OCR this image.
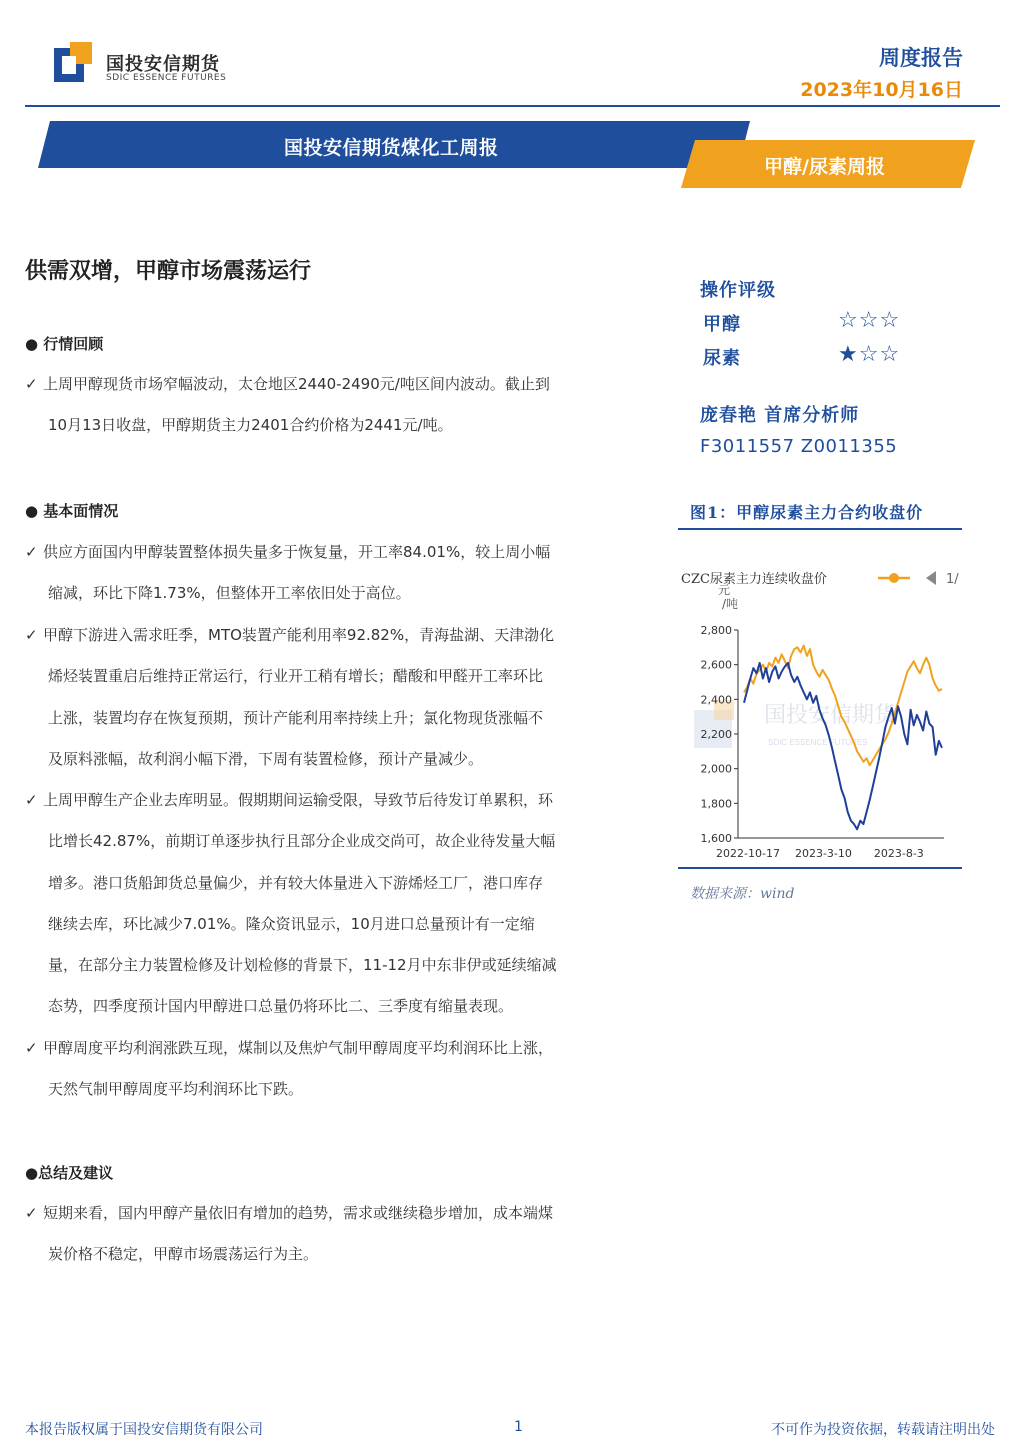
国投安信期货
SDIC ESSENCE FUTURES
周度报告
2023年10月16日
国投安信期货煤化工周报
甲醇/尿素周报
供需双增，甲醇市场震荡运行
● 行情回顾
✓ 上周甲醇现货市场窄幅波动，太仓地区2440-2490元/吨区间内波动。截止到
10月13日收盘，甲醇期货主力2401合约价格为2441元/吨。
● 基本面情况
✓ 供应方面国内甲醇装置整体损失量多于恢复量，开工率84.01%，较上周小幅
缩减，环比下降1.73%，但整体开工率依旧处于高位。
✓ 甲醇下游进入需求旺季，MTO装置产能利用率92.82%，青海盐湖、天津渤化
烯烃装置重启后维持正常运行，行业开工稍有增长；醋酸和甲醛开工率环比
上涨，装置均存在恢复预期，预计产能利用率持续上升；氯化物现货涨幅不
及原料涨幅，故利润小幅下滑，下周有装置检修，预计产量减少。
✓ 上周甲醇生产企业去库明显。假期期间运输受限，导致节后待发订单累积，环
比增长42.87%，前期订单逐步执行且部分企业成交尚可，故企业待发量大幅
增多。港口货船卸货总量偏少，并有较大体量进入下游烯烃工厂，港口库存
继续去库，环比减少7.01%。隆众资讯显示，10月进口总量预计有一定缩
量，在部分主力装置检修及计划检修的背景下，11-12月中东非伊或延续缩减
态势，四季度预计国内甲醇进口总量仍将环比二、三季度有缩量表现。
✓ 甲醇周度平均利润涨跌互现，煤制以及焦炉气制甲醇周度平均利润环比上涨，
天然气制甲醇周度平均利润环比下跌。
●总结及建议
✓ 短期来看，国内甲醇产量依旧有增加的趋势，需求或继续稳步增加，成本端煤
炭价格不稳定，甲醇市场震荡运行为主。
操作评级
甲醇	☆☆☆
尿素	★☆☆
庞春艳 首席分析师
F3011557 Z0011355
图1：甲醇尿素主力合约收盘价
国投安信期货
SDIC ESSENCE FUTURES
CZC尿素主力连续收盘价	1/
元
/吨
2,800
2,600
2,400
2,200
2,000
1,800
1,600
2022-10-17 2023-3-10 2023-8-3
数据来源：wind
本报告版权属于国投安信期货有限公司	1	不可作为投资依据，转载请注明出处
